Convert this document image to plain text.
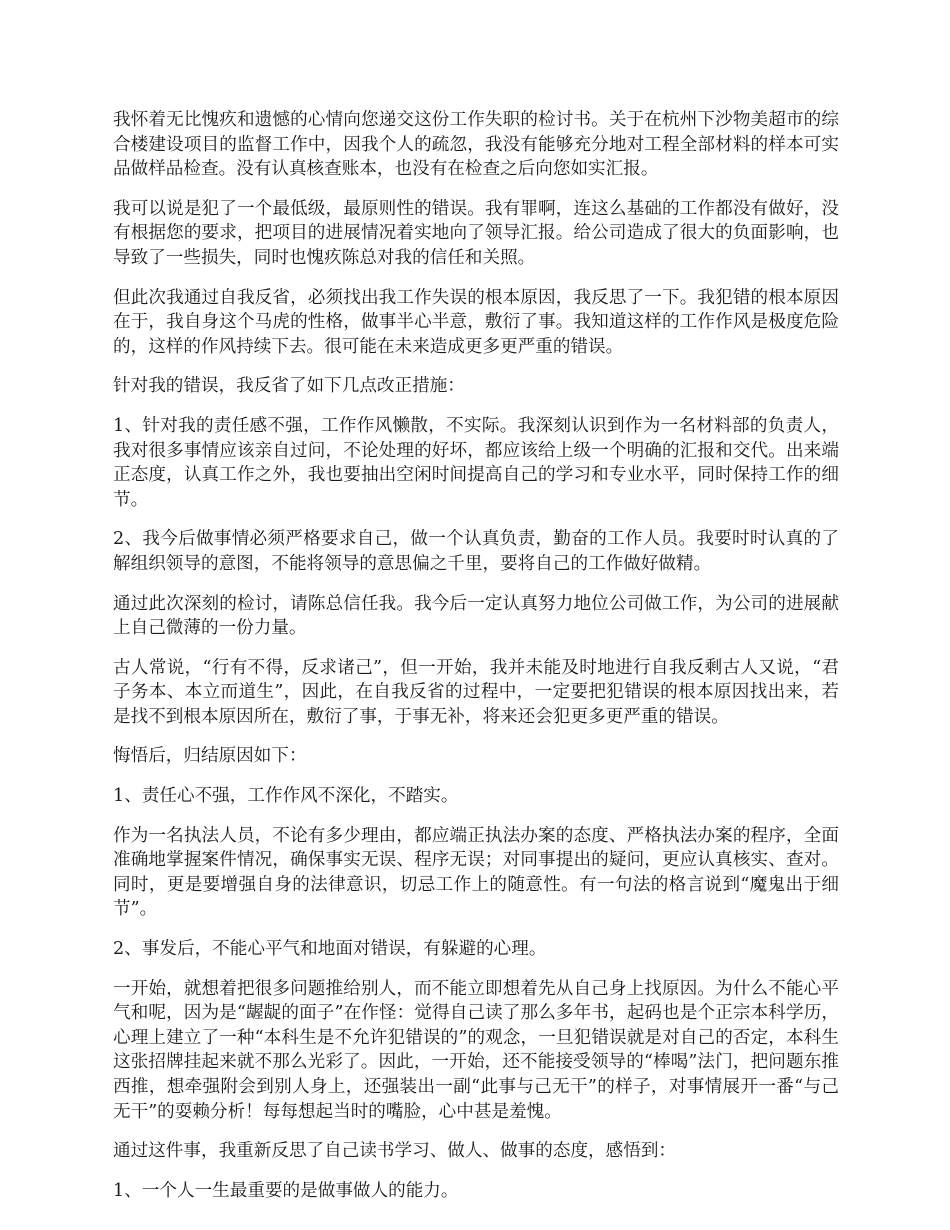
我怀着无比愧疚和遗憾的心情向您递交这份工作失职的检讨书。关于在杭州下沙物美超市的综合楼建设项目的监督工作中，因我个人的疏忽，我没有能够充分地对工程全部材料的样本可实品做样品检查。没有认真核查账本，也没有在检查之后向您如实汇报。

我可以说是犯了一个最低级，最原则性的错误。我有罪啊，连这么基础的工作都没有做好，没有根据您的要求，把项目的进展情况着实地向了领导汇报。给公司造成了很大的负面影响，也导致了一些损失，同时也愧疚陈总对我的信任和关照。

但此次我通过自我反省，必须找出我工作失误的根本原因，我反思了一下。我犯错的根本原因在于，我自身这个马虎的性格，做事半心半意，敷衍了事。我知道这样的工作作风是极度危险的，这样的作风持续下去。很可能在未来造成更多更严重的错误。

针对我的错误，我反省了如下几点改正措施：

1、针对我的责任感不强，工作作风懒散，不实际。我深刻认识到作为一名材料部的负责人，我对很多事情应该亲自过问，不论处理的好坏，都应该给上级一个明确的汇报和交代。出来端正态度，认真工作之外，我也要抽出空闲时间提高自己的学习和专业水平，同时保持工作的细节。

2、我今后做事情必须严格要求自己，做一个认真负责，勤奋的工作人员。我要时时认真的了解组织领导的意图，不能将领导的意思偏之千里，要将自己的工作做好做精。

通过此次深刻的检讨，请陈总信任我。我今后一定认真努力地位公司做工作，为公司的进展献上自己微薄的一份力量。

古人常说，“行有不得，反求诸己”，但一开始，我并未能及时地进行自我反剩古人又说，“君子务本、本立而道生”，因此，在自我反省的过程中，一定要把犯错误的根本原因找出来，若是找不到根本原因所在，敷衍了事，于事无补，将来还会犯更多更严重的错误。

悔悟后，归结原因如下：

1、责任心不强，工作作风不深化，不踏实。

作为一名执法人员，不论有多少理由，都应端正执法办案的态度、严格执法办案的程序，全面准确地掌握案件情况，确保事实无误、程序无误；对同事提出的疑问，更应认真核实、查对。同时，更是要增强自身的法律意识，切忌工作上的随意性。有一句法的格言说到“魔鬼出于细节”。

2、事发后，不能心平气和地面对错误，有躲避的心理。

一开始，就想着把很多问题推给别人，而不能立即想着先从自己身上找原因。为什么不能心平气和呢，因为是“龌龊的面子”在作怪：觉得自己读了那么多年书，起码也是个正宗本科学历，心理上建立了一种“本科生是不允许犯错误的”的观念，一旦犯错误就是对自己的否定，本科生这张招牌挂起来就不那么光彩了。因此，一开始，还不能接受领导的“棒喝”法门，把问题东推西推，想牵强附会到别人身上，还强装出一副“此事与己无干”的样子，对事情展开一番“与己无干”的耍赖分析！每每想起当时的嘴脸，心中甚是羞愧。

通过这件事，我重新反思了自己读书学习、做人、做事的态度，感悟到：

1、一个人一生最重要的是做事做人的能力。
